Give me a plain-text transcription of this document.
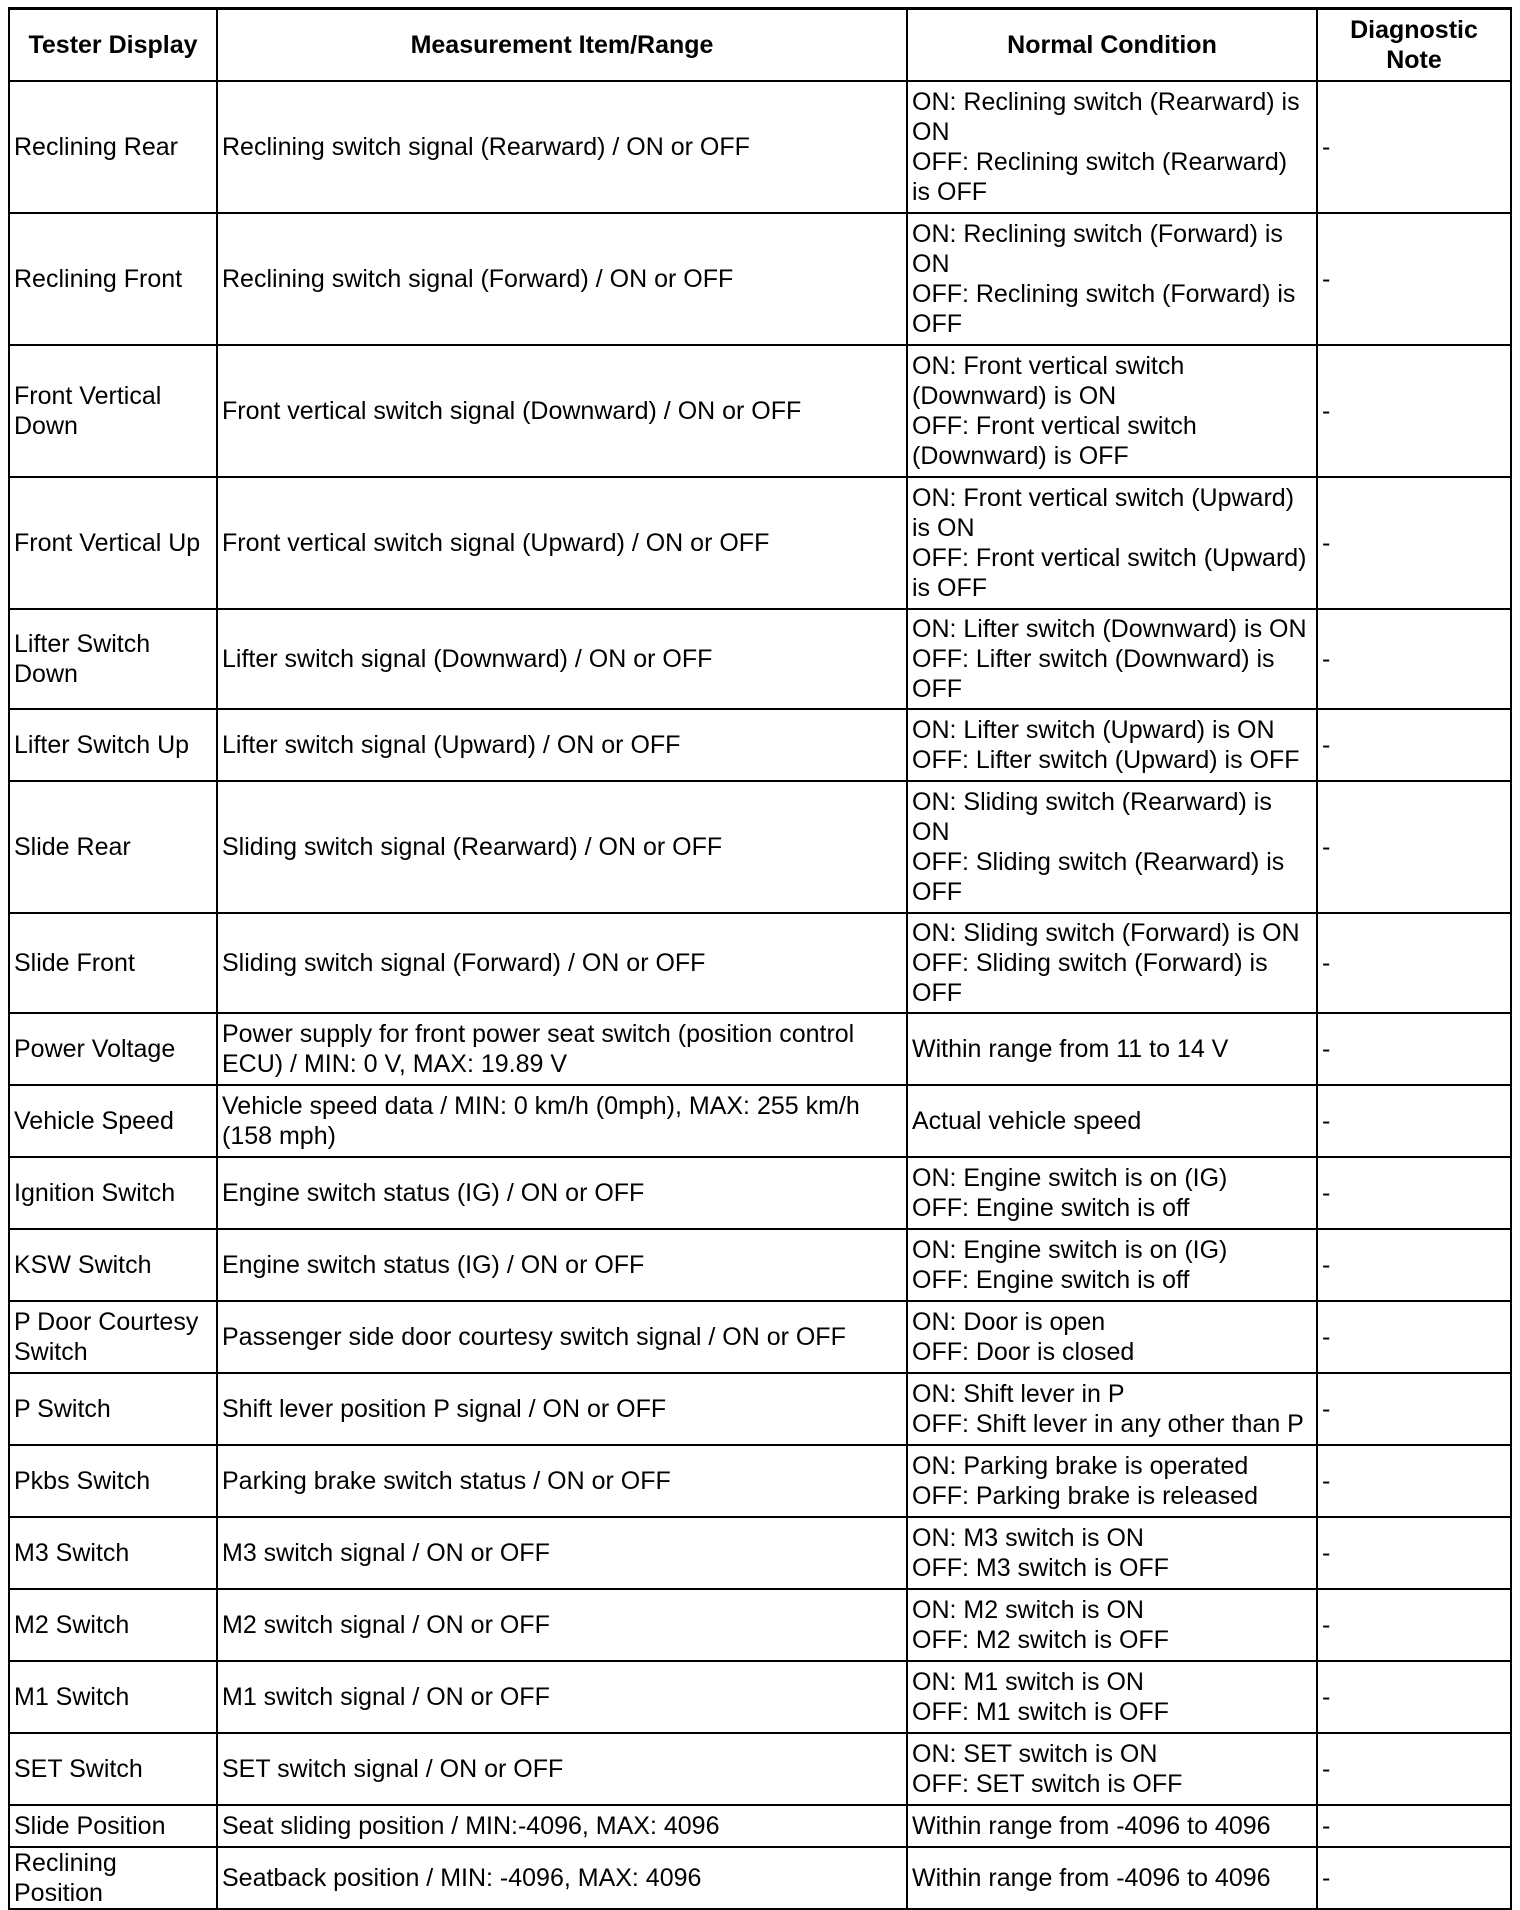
Tester Display	Measurement Item/Range	Normal Condition	Diagnostic Note
Reclining Rear	Reclining switch signal (Rearward) / ON or OFF	ON: Reclining switch (Rearward) is ON
OFF: Reclining switch (Rearward) is OFF	-
Reclining Front	Reclining switch signal (Forward) / ON or OFF	ON: Reclining switch (Forward) is ON
OFF: Reclining switch (Forward) is OFF	-
Front Vertical Down	Front vertical switch signal (Downward) / ON or OFF	ON: Front vertical switch (Downward) is ON
OFF: Front vertical switch (Downward) is OFF	-
Front Vertical Up	Front vertical switch signal (Upward) / ON or OFF	ON: Front vertical switch (Upward) is ON
OFF: Front vertical switch (Upward) is OFF	-
Lifter Switch Down	Lifter switch signal (Downward) / ON or OFF	ON: Lifter switch (Downward) is ON
OFF: Lifter switch (Downward) is OFF	-
Lifter Switch Up	Lifter switch signal (Upward) / ON or OFF	ON: Lifter switch (Upward) is ON
OFF: Lifter switch (Upward) is OFF	-
Slide Rear	Sliding switch signal (Rearward) / ON or OFF	ON: Sliding switch (Rearward) is ON
OFF: Sliding switch (Rearward) is OFF	-
Slide Front	Sliding switch signal (Forward) / ON or OFF	ON: Sliding switch (Forward) is ON
OFF: Sliding switch (Forward) is OFF	-
Power Voltage	Power supply for front power seat switch (position control ECU) / MIN: 0 V, MAX: 19.89 V	Within range from 11 to 14 V	-
Vehicle Speed	Vehicle speed data / MIN: 0 km/h (0mph), MAX: 255 km/h (158 mph)	Actual vehicle speed	-
Ignition Switch	Engine switch status (IG) / ON or OFF	ON: Engine switch is on (IG)
OFF: Engine switch is off	-
KSW Switch	Engine switch status (IG) / ON or OFF	ON: Engine switch is on (IG)
OFF: Engine switch is off	-
P Door Courtesy Switch	Passenger side door courtesy switch signal / ON or OFF	ON: Door is open
OFF: Door is closed	-
P Switch	Shift lever position P signal / ON or OFF	ON: Shift lever in P
OFF: Shift lever in any other than P	-
Pkbs Switch	Parking brake switch status / ON or OFF	ON: Parking brake is operated
OFF: Parking brake is released	-
M3 Switch	M3 switch signal / ON or OFF	ON: M3 switch is ON
OFF: M3 switch is OFF	-
M2 Switch	M2 switch signal / ON or OFF	ON: M2 switch is ON
OFF: M2 switch is OFF	-
M1 Switch	M1 switch signal / ON or OFF	ON: M1 switch is ON
OFF: M1 switch is OFF	-
SET Switch	SET switch signal / ON or OFF	ON: SET switch is ON
OFF: SET switch is OFF	-
Slide Position	Seat sliding position / MIN:-4096, MAX: 4096	Within range from -4096 to 4096	-
Reclining Position	Seatback position / MIN: -4096, MAX: 4096	Within range from -4096 to 4096	-
